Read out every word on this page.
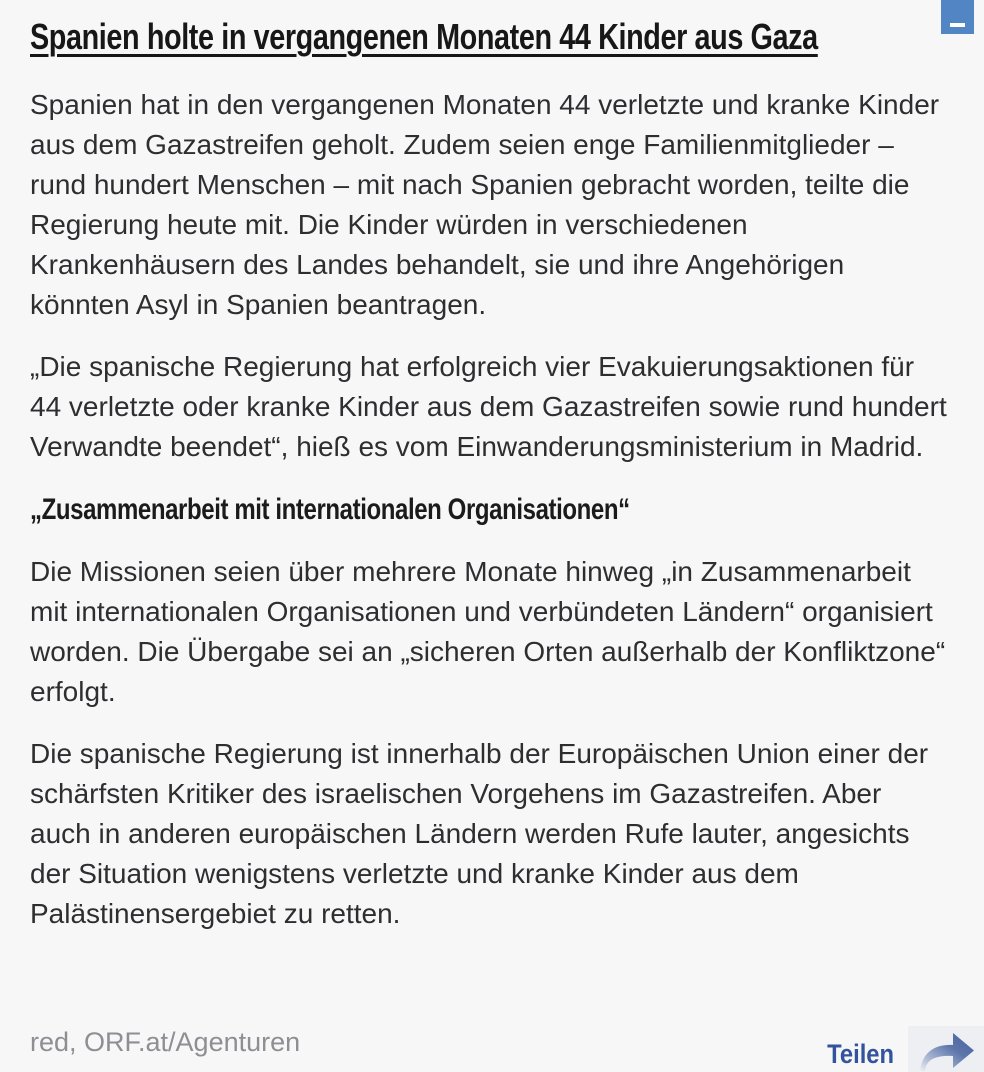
Spanien holte in vergangenen Monaten 44 Kinder aus Gaza

Spanien hat in den vergangenen Monaten 44 verletzte und kranke Kinder aus dem Gazastreifen geholt. Zudem seien enge Familienmitglieder – rund hundert Menschen – mit nach Spanien gebracht worden, teilte die Regierung heute mit. Die Kinder würden in verschiedenen Krankenhäusern des Landes behandelt, sie und ihre Angehörigen könnten Asyl in Spanien beantragen.

„Die spanische Regierung hat erfolgreich vier Evakuierungsaktionen für 44 verletzte oder kranke Kinder aus dem Gazastreifen sowie rund hundert Verwandte beendet“, hieß es vom Einwanderungsministerium in Madrid.

„Zusammenarbeit mit internationalen Organisationen“

Die Missionen seien über mehrere Monate hinweg „in Zusammenarbeit mit internationalen Organisationen und verbündeten Ländern“ organisiert worden. Die Übergabe sei an „sicheren Orten außerhalb der Konfliktzone“ erfolgt.

Die spanische Regierung ist innerhalb der Europäischen Union einer der schärfsten Kritiker des israelischen Vorgehens im Gazastreifen. Aber auch in anderen europäischen Ländern werden Rufe lauter, angesichts der Situation wenigstens verletzte und kranke Kinder aus dem Palästinensergebiet zu retten.

red, ORF.at/Agenturen	Teilen
